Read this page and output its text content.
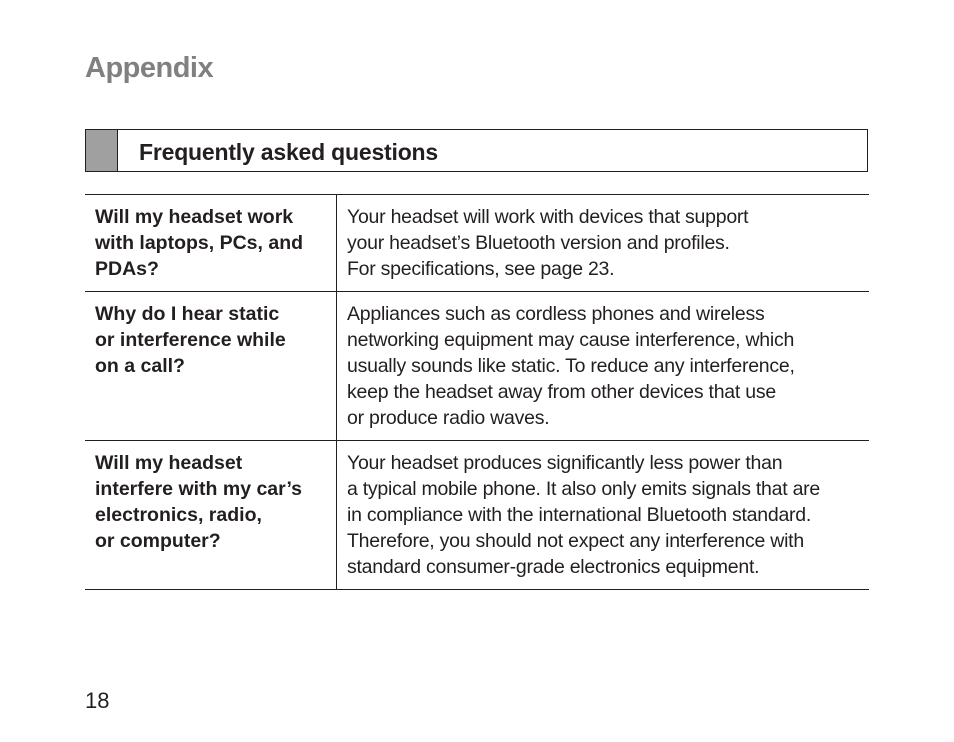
Appendix
Frequently asked questions
Will my headset work
with laptops, PCs, and
PDAs?
Your headset will work with devices that support
your headset’s Bluetooth version and profiles.
For specifications, see page 23.
Why do I hear static
or interference while
on a call?
Appliances such as cordless phones and wireless
networking equipment may cause interference, which
usually sounds like static. To reduce any interference,
keep the headset away from other devices that use
or produce radio waves.
Will my headset
interfere with my car’s
electronics, radio,
or computer?
Your headset produces significantly less power than
a typical mobile phone. It also only emits signals that are
in compliance with the international Bluetooth standard.
Therefore, you should not expect any interference with
standard consumer-grade electronics equipment.
18
